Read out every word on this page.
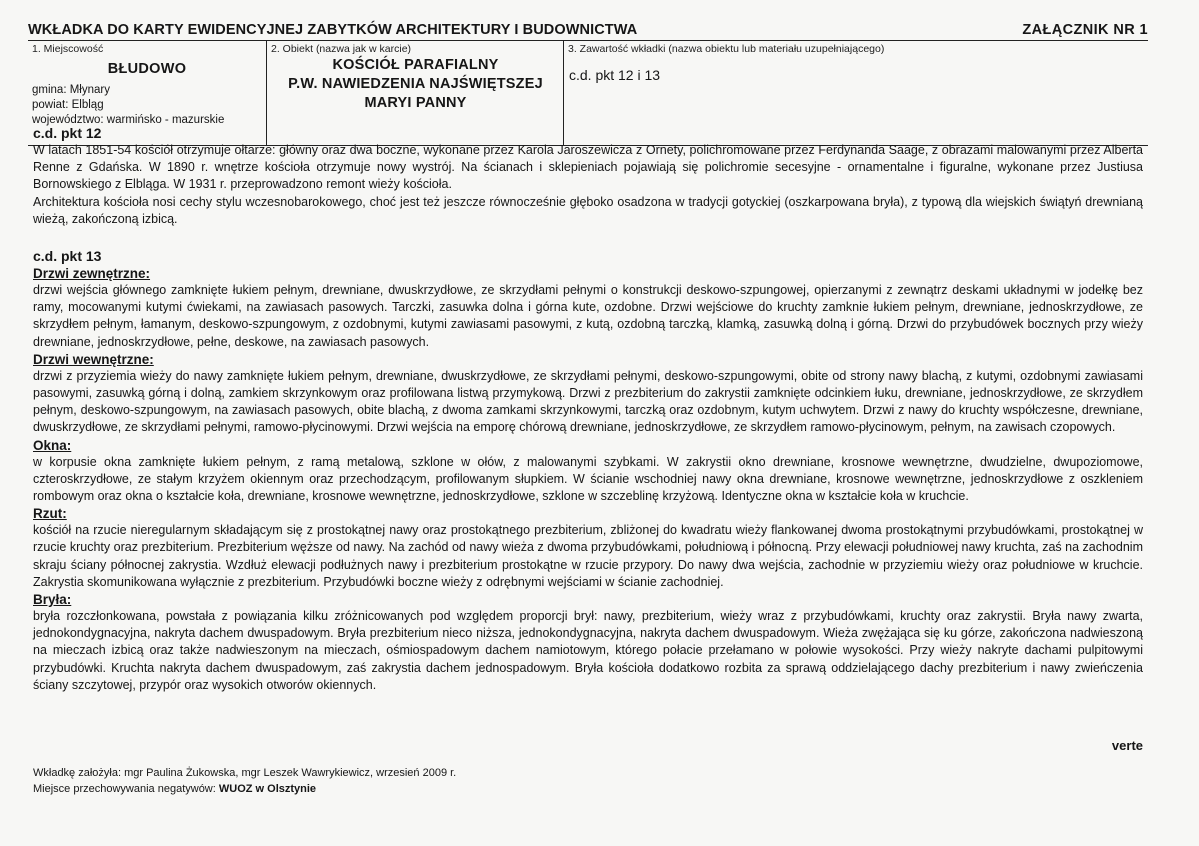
WKŁADKA DO KARTY EWIDENCYJNEJ ZABYTKÓW ARCHITEKTURY I BUDOWNICTWA	ZAŁĄCZNIK NR 1
1. Miejscowość
BŁUDOWO
gmina: Młynary
powiat: Elbląg
województwo: warmińsko - mazurskie
2. Obiekt (nazwa jak w karcie)
KOŚCIÓŁ PARAFIALNY
P.W. NAWIEDZENIA NAJŚWIĘTSZEJ
MARYI PANNY
3. Zawartość wkładki (nazwa obiektu lub materiału uzupełniającego)
c.d. pkt 12 i 13
c.d. pkt 12

W latach 1851-54 kościół otrzymuje ołtarze: główny oraz dwa boczne, wykonane przez Karola Jaroszewicza z Ornety, polichromowane przez Ferdynanda Saage, z obrazami malowanymi przez Alberta Renne z Gdańska. W 1890 r. wnętrze kościoła otrzymuje nowy wystrój. Na ścianach i sklepieniach pojawiają się polichromie secesyjne - ornamentalne i figuralne, wykonane przez Justiusa Bornowskiego z Elbląga. W 1931 r. przeprowadzono remont wieży kościoła.

Architektura kościoła nosi cechy stylu wczesnobarokowego, choć jest też jeszcze równocześnie głęboko osadzona w tradycji gotyckiej (oszkarpowana bryła), z typową dla wiejskich świątyń drewnianą wieżą, zakończoną izbicą.

c.d. pkt 13
Drzwi zewnętrzne:

drzwi wejścia głównego zamknięte łukiem pełnym, drewniane, dwuskrzydłowe, ze skrzydłami pełnymi o konstrukcji deskowo-szpungowej, opierzanymi z zewnątrz deskami układnymi w jodełkę bez ramy, mocowanymi kutymi ćwiekami, na zawiasach pasowych. Tarczki, zasuwka dolna i górna kute, ozdobne. Drzwi wejściowe do kruchty zamknie łukiem pełnym, drewniane, jednoskrzydłowe, ze skrzydłem pełnym, łamanym, deskowo-szpungowym, z ozdobnymi, kutymi zawiasami pasowymi, z kutą, ozdobną tarczką, klamką, zasuwką dolną i górną. Drzwi do przybudówek bocznych przy wieży drewniane, jednoskrzydłowe, pełne, deskowe, na zawiasach pasowych.

Drzwi wewnętrzne:

drzwi z przyziemia wieży do nawy zamknięte łukiem pełnym, drewniane, dwuskrzydłowe, ze skrzydłami pełnymi, deskowo-szpungowymi, obite od strony nawy blachą, z kutymi, ozdobnymi zawiasami pasowymi, zasuwką górną i dolną, zamkiem skrzynkowym oraz profilowana listwą przymykową. Drzwi z prezbiterium do zakrystii zamknięte odcinkiem łuku, drewniane, jednoskrzydłowe, ze skrzydłem pełnym, deskowo-szpungowym, na zawiasach pasowych, obite blachą, z dwoma zamkami skrzynkowymi, tarczką oraz ozdobnym, kutym uchwytem. Drzwi z nawy do kruchty współczesne, drewniane, dwuskrzydłowe, ze skrzydłami pełnymi, ramowo-płycinowymi. Drzwi wejścia na emporę chórową drewniane, jednoskrzydłowe, ze skrzydłem ramowo-płycinowym, pełnym, na zawisach czopowych.

Okna:

w korpusie okna zamknięte łukiem pełnym, z ramą metalową, szklone w ołów, z malowanymi szybkami. W zakrystii okno drewniane, krosnowe wewnętrzne, dwudzielne, dwupoziomowe, czteroskrzydłowe, ze stałym krzyżem okiennym oraz przechodzącym, profilowanym słupkiem. W ścianie wschodniej nawy okna drewniane, krosnowe wewnętrzne, jednoskrzydłowe z oszkleniem rombowym oraz okna o kształcie koła, drewniane, krosnowe wewnętrzne, jednoskrzydłowe, szklone w szczeblinę krzyżową. Identyczne okna w kształcie koła w kruchcie.

Rzut:

kościół na rzucie nieregularnym składającym się z prostokątnej nawy oraz prostokątnego prezbiterium, zbliżonej do kwadratu wieży flankowanej dwoma prostokątnymi przybudówkami, prostokątnej w rzucie kruchty oraz prezbiterium. Prezbiterium węższe od nawy. Na zachód od nawy wieża z dwoma przybudówkami, południową i północną. Przy elewacji południowej nawy kruchta, zaś na zachodnim skraju ściany północnej zakrystia. Wzdłuż elewacji podłużnych nawy i prezbiterium prostokątne w rzucie przypory. Do nawy dwa wejścia, zachodnie w przyziemiu wieży oraz południowe w kruchcie. Zakrystia skomunikowana wyłącznie z prezbiterium. Przybudówki boczne wieży z odrębnymi wejściami w ścianie zachodniej.

Bryła:

bryła rozczłonkowana, powstała z powiązania kilku zróżnicowanych pod względem proporcji brył: nawy, prezbiterium, wieży wraz z przybudówkami, kruchty oraz zakrystii. Bryła nawy zwarta, jednokondygnacyjna, nakryta dachem dwuspadowym. Bryła prezbiterium nieco niższa, jednokondygnacyjna, nakryta dachem dwuspadowym. Wieża zwężająca się ku górze, zakończona nadwieszoną na mieczach izbicą oraz także nadwieszonym na mieczach, ośmiospadowym dachem namiotowym, którego połacie przełamano w połowie wysokości. Przy wieży nakryte dachami pulpitowymi przybudówki. Kruchta nakryta dachem dwuspadowym, zaś zakrystia dachem jednospadowym. Bryła kościoła dodatkowo rozbita za sprawą oddzielającego dachy prezbiterium i nawy zwieńczenia ściany szczytowej, przypór oraz wysokich otworów okiennych.

verte
Wkładkę założyła: mgr Paulina Żukowska, mgr Leszek Wawrykiewicz, wrzesień 2009 r.
Miejsce przechowywania negatywów: WUOZ w Olsztynie
